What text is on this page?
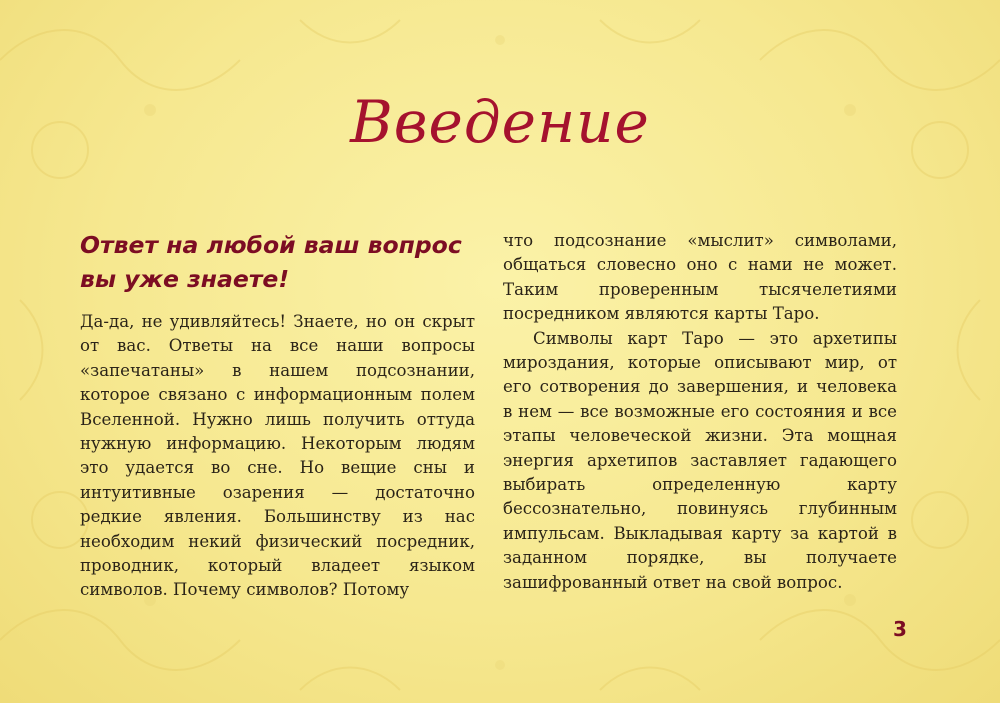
Введение
Ответ на любой ваш вопрос вы уже знаете!

Да-да, не удивляйтесь! Знаете, но он скрыт от вас. Ответы на все наши вопросы «запечатаны» в нашем подсознании, которое связано с информационным полем Вселенной. Нужно лишь получить оттуда нужную информацию. Некоторым людям это удается во сне. Но вещие сны и интуитивные озарения — достаточно редкие явления. Большинству из нас необходим некий физический посредник, проводник, который владеет языком символов. Почему символов? Потому

что подсознание «мыслит» символами, общаться словесно оно с нами не может. Таким проверенным тысячелетиями посредником являются карты Таро.

Символы карт Таро — это архетипы мироздания, которые описывают мир, от его сотворения до завершения, и человека в нем — все возможные его состояния и все этапы человеческой жизни. Эта мощная энергия архетипов заставляет гадающего выбирать определенную карту бессознательно, повинуясь глубинным импульсам. Выкладывая карту за картой в заданном порядке, вы получаете зашифрованный ответ на свой вопрос.

3
